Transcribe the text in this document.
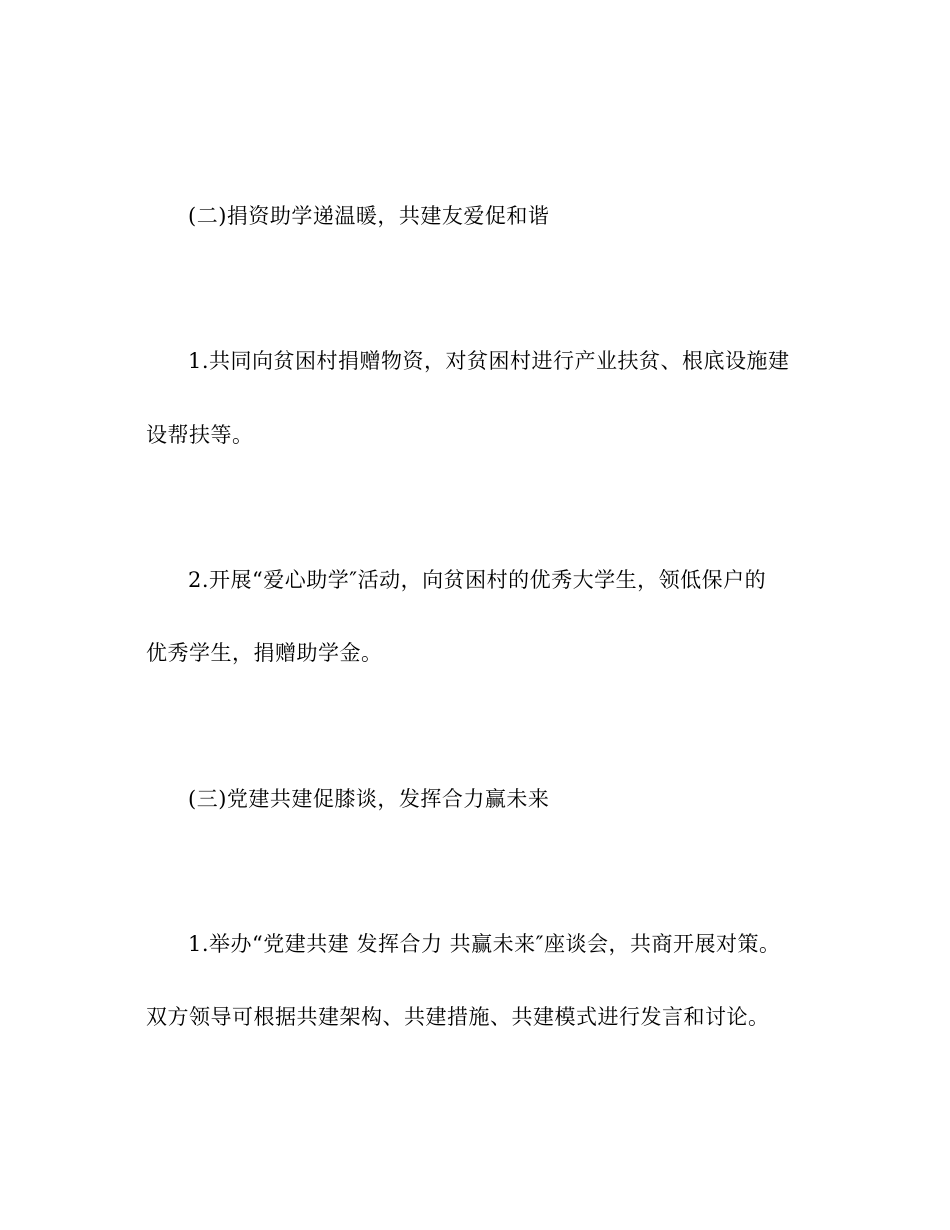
(二)捐资助学递温暖，共建友爱促和谐
1.共同向贫困村捐赠物资，对贫困村进行产业扶贫、根底设施建
设帮扶等。
2.开展“爱心助学″活动，向贫困村的优秀大学生，领低保户的
优秀学生，捐赠助学金。
(三)党建共建促膝谈，发挥合力赢未来
1.举办“党建共建 发挥合力 共赢未来″座谈会，共商开展对策。
双方领导可根据共建架构、共建措施、共建模式进行发言和讨论。
